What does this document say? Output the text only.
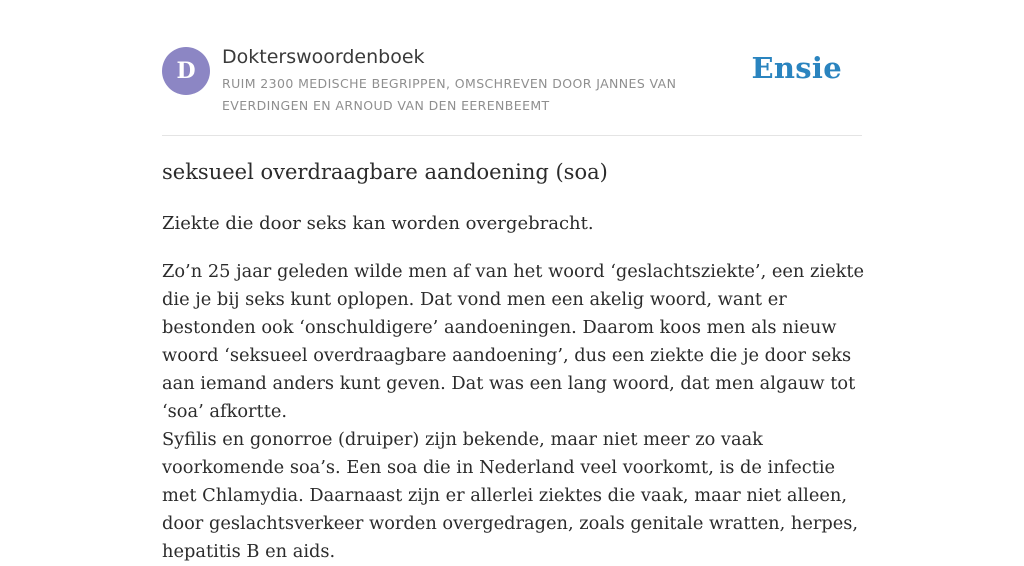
D
Dokterswoordenboek
RUIM 2300 MEDISCHE BEGRIPPEN, OMSCHREVEN DOOR JANNES VAN EVERDINGEN EN ARNOUD VAN DEN EERENBEEMT
Ensie
seksueel overdraagbare aandoening (soa)

Ziekte die door seks kan worden overgebracht.

Zo’n 25 jaar geleden wilde men af van het woord ‘geslachtsziekte’, een ziekte die je bij seks kunt oplopen. Dat vond men een akelig woord, want er bestonden ook ‘onschuldigere’ aandoeningen. Daarom koos men als nieuw woord ‘seksueel overdraagbare aandoening’, dus een ziekte die je door seks aan iemand anders kunt geven. Dat was een lang woord, dat men algauw tot ‘soa’ afkortte.

Syfilis en gonorroe (druiper) zijn bekende, maar niet meer zo vaak voorkomende soa’s. Een soa die in Nederland veel voorkomt, is de infectie met Chlamydia. Daarnaast zijn er allerlei ziektes die vaak, maar niet alleen, door geslachtsverkeer worden overgedragen, zoals genitale wratten, herpes, hepatitis B en aids.
